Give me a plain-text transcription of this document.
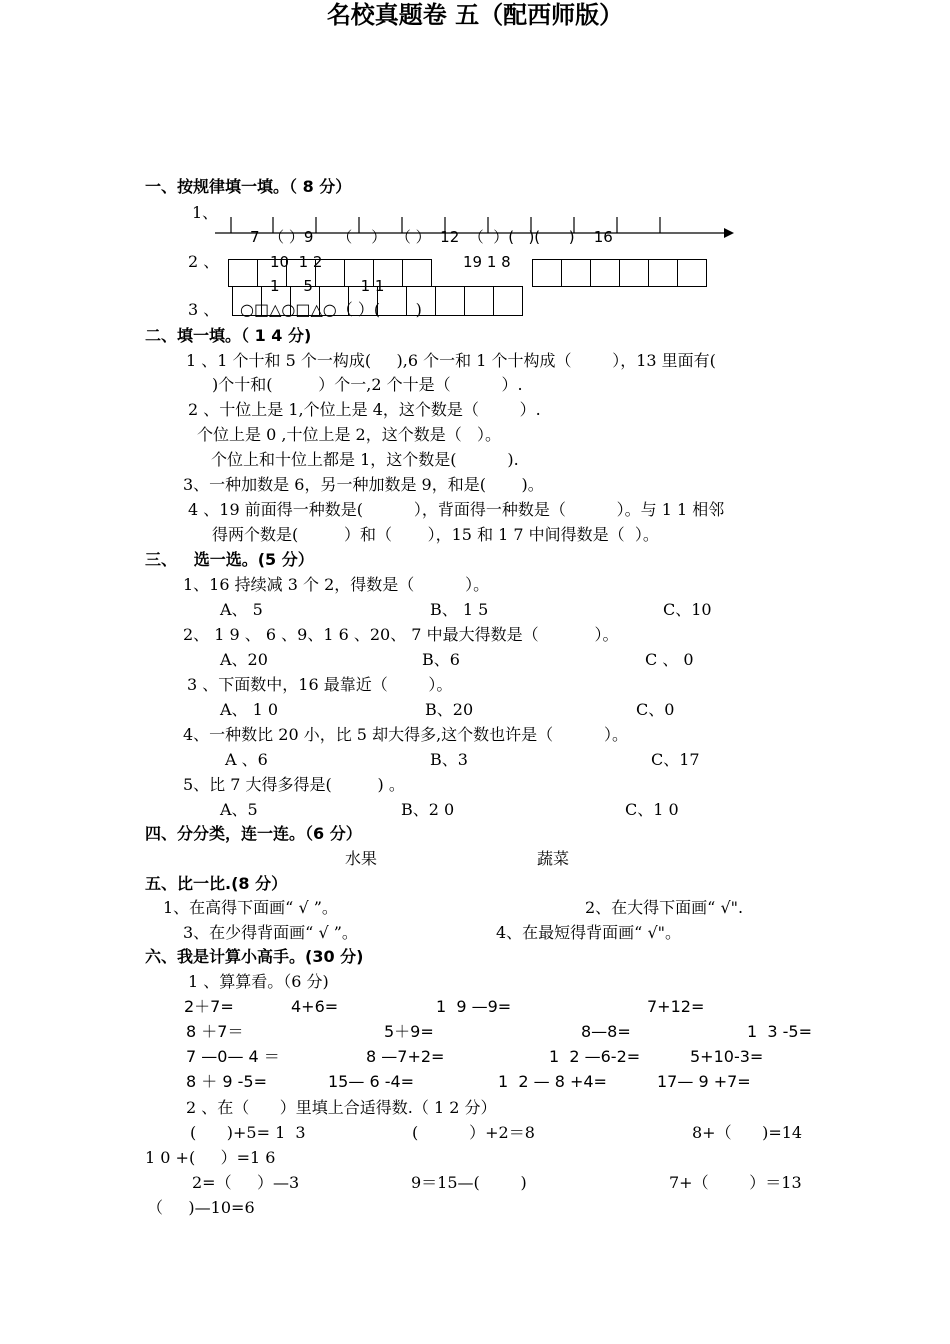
名校真题卷 五（配西师版）
一、按规律填一填。（ 8 分）
1、
7  （ ）9     （    ）  （ ）  12  （  ）(   )(      )    16
2 、	10  1 2	19 1 8
1     5          1 1
3 、 ○□△○□△○（ ）(       )
二、填一填。（ 1 4 分)
1 、1 个十和 5 个一构成(     ),6 个一和 1 个十构成（        ），13 里面有(
)个十和(         ）个一,2 个十是（          ）.
2 、十位上是 1,个位上是 4，这个数是（        ）.
个位上是 0 ,十位上是 2，这个数是（   ）。
个位上和十位上都是 1，这个数是(          ).
3、一种加数是 6，另一种加数是 9，和是(       )。
4 、19 前面得一种数是(          ），背面得一种数是（          ）。与 1 1 相邻
得两个数是(         ）和（       ），15 和 1 7 中间得数是（  ）。
三、   选一选。(5 分）
1、16 持续减 3 个 2，得数是（          ）。
A、 5	B、 1 5	C、10
2、 1 9 、 6 、9、1 6 、20、 7 中最大得数是（           ）。
A、20	B、6	C 、 0
3 、下面数中，16 最靠近（        ）。
A、 1 0	B、20	C、0
4、一种数比 20 小，比 5 却大得多,这个数也许是（          ）。
A 、6	B、3	C、17
5、比 7 大得多得是(         ) 。
A、5	B、2 0	C、1 0
四、分分类，连一连。（6 分）
水果	蔬菜
五、比一比.(8 分）
1、在高得下面画“ √ ”。	2、在大得下面画“ √".
3、在少得背面画“ √ ”。	4、在最短得背面画“ √"。
六、我是计算小高手。(30 分)
1 、算算看。（6 分)
2＋7=	4+6=	1  9 —9=	7+12=
8 ＋7＝	5＋9=	8—8=	1  3 -5=
7 —0— 4 ＝	8 —7+2=	1  2 —6-2=	5+10-3=
8 ＋ 9 -5=	15— 6 -4=	1  2 — 8 +4=	17— 9 +7=
2 、在（      ）里填上合适得数.（ 1 2 分）
(      )+5= 1  3	(          ）+2＝8	8+（      )=14
1 0 +(     ）=1 6
2=（     ）—3	9＝15—(        )	7+（        ）＝13
（     )—10=6
